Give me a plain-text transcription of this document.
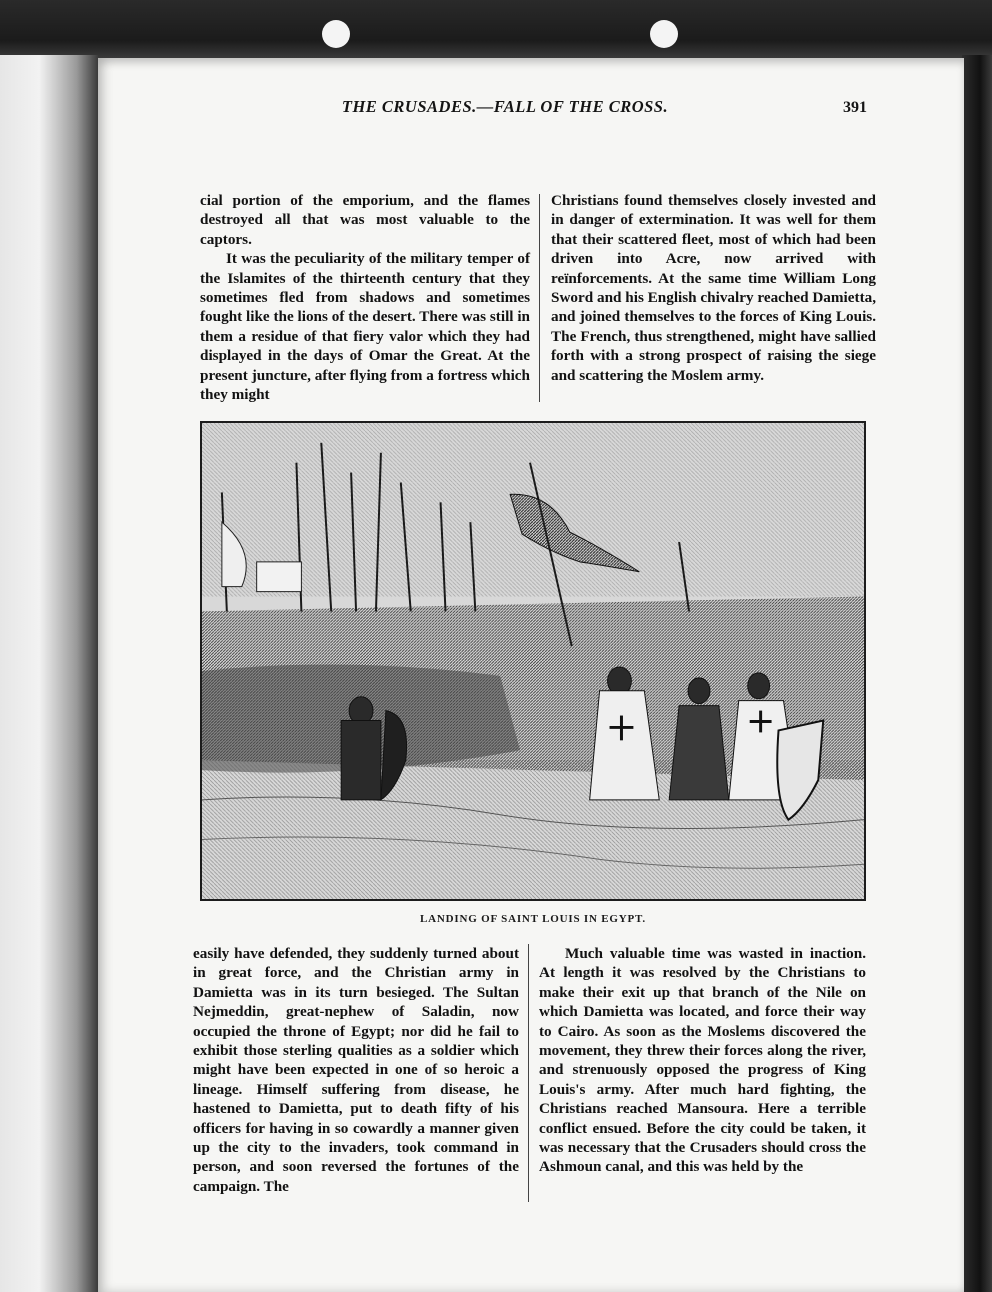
THE CRUSADES.—FALL OF THE CROSS.	391

cial portion of the emporium, and the flames destroyed all that was most valuable to the captors.

It was the peculiarity of the military temper of the Islamites of the thirteenth century that they sometimes fled from shadows and sometimes fought like the lions of the desert. There was still in them a residue of that fiery valor which they had displayed in the days of Omar the Great. At the present juncture, after flying from a fortress which they might

Christians found themselves closely invested and in danger of extermination. It was well for them that their scattered fleet, most of which had been driven into Acre, now arrived with reïnforcements. At the same time William Long Sword and his English chivalry reached Damietta, and joined themselves to the forces of King Louis. The French, thus strengthened, might have sallied forth with a strong prospect of raising the siege and scattering the Moslem army.

LANDING OF SAINT LOUIS IN EGYPT.

easily have defended, they suddenly turned about in great force, and the Christian army in Damietta was in its turn besieged. The Sultan Nejmeddin, great-nephew of Saladin, now occupied the throne of Egypt; nor did he fail to exhibit those sterling qualities as a soldier which might have been expected in one of so heroic a lineage. Himself suffering from disease, he hastened to Damietta, put to death fifty of his officers for having in so cowardly a manner given up the city to the invaders, took command in person, and soon reversed the fortunes of the campaign. The

Much valuable time was wasted in inaction. At length it was resolved by the Christians to make their exit up that branch of the Nile on which Damietta was located, and force their way to Cairo. As soon as the Moslems discovered the movement, they threw their forces along the river, and strenuously opposed the progress of King Louis's army. After much hard fighting, the Christians reached Mansoura. Here a terrible conflict ensued. Before the city could be taken, it was necessary that the Crusaders should cross the Ashmoun canal, and this was held by the
